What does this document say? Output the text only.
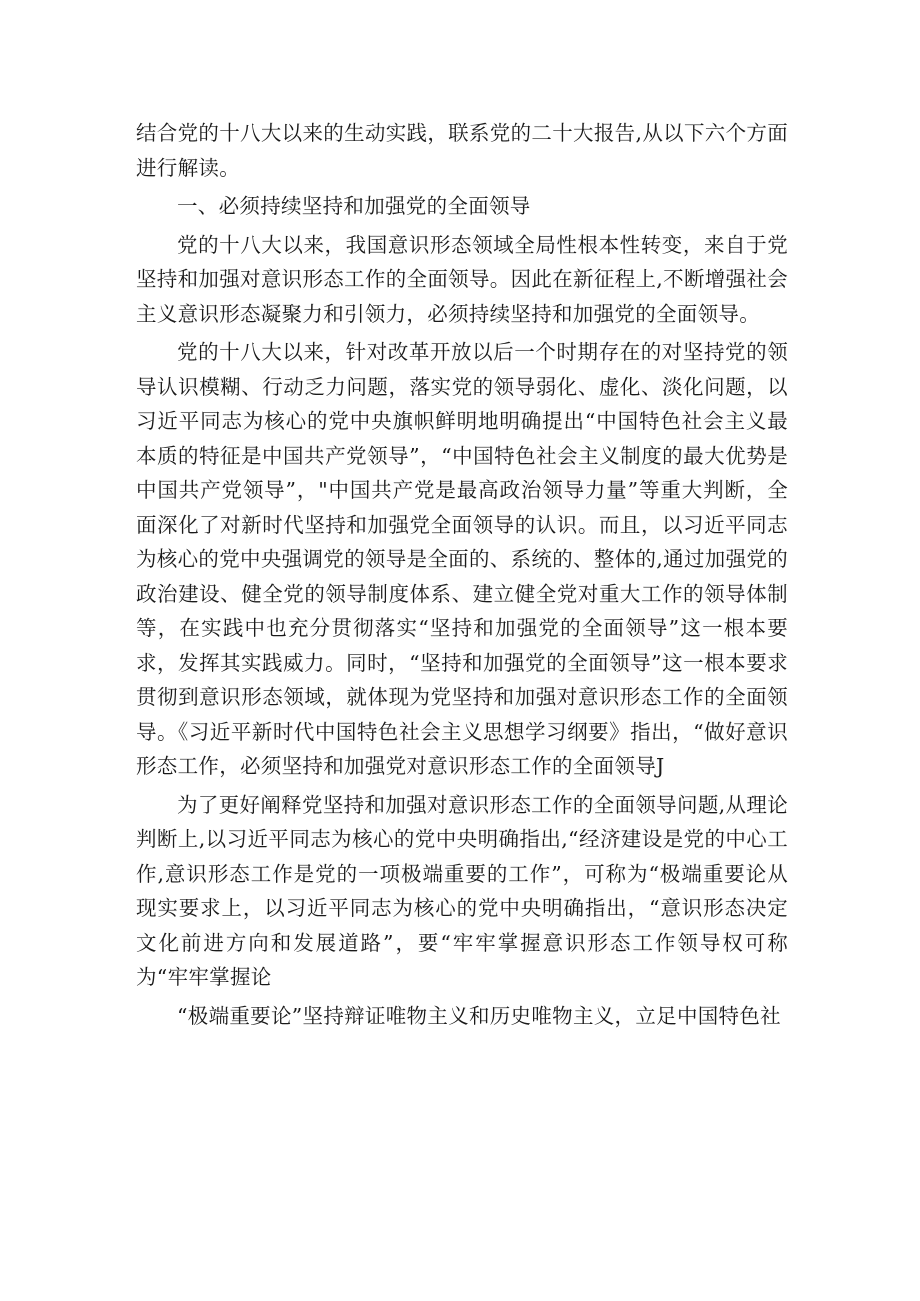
结合党的十八大以来的生动实践，联系党的二十大报告,从以下六个方面进行解读。

一、必须持续坚持和加强党的全面领导

党的十八大以来，我国意识形态领域全局性根本性转变，来自于党坚持和加强对意识形态工作的全面领导。因此在新征程上,不断增强社会主义意识形态凝聚力和引领力，必须持续坚持和加强党的全面领导。

党的十八大以来，针对改革开放以后一个时期存在的对坚持党的领导认识模糊、行动乏力问题，落实党的领导弱化、虚化、淡化问题，以习近平同志为核心的党中央旗帜鲜明地明确提出“中国特色社会主义最本质的特征是中国共产党领导”，“中国特色社会主义制度的最大优势是中国共产党领导”，"中国共产党是最高政治领导力量”等重大判断，全面深化了对新时代坚持和加强党全面领导的认识。而且，以习近平同志为核心的党中央强调党的领导是全面的、系统的、整体的,通过加强党的政治建设、健全党的领导制度体系、建立健全党对重大工作的领导体制等，在实践中也充分贯彻落实“坚持和加强党的全面领导”这一根本要求，发挥其实践威力。同时，“坚持和加强党的全面领导”这一根本要求贯彻到意识形态领域，就体现为党坚持和加强对意识形态工作的全面领导。《习近平新时代中国特色社会主义思想学习纲要》指出，“做好意识形态工作，必须坚持和加强党对意识形态工作的全面领导J

为了更好阐释党坚持和加强对意识形态工作的全面领导问题,从理论判断上,以习近平同志为核心的党中央明确指出,“经济建设是党的中心工作,意识形态工作是党的一项极端重要的工作”，可称为“极端重要论从现实要求上，以习近平同志为核心的党中央明确指出，“意识形态决定文化前进方向和发展道路”，要“牢牢掌握意识形态工作领导权可称为“牢牢掌握论

“极端重要论”坚持辩证唯物主义和历史唯物主义，立足中国特色社
